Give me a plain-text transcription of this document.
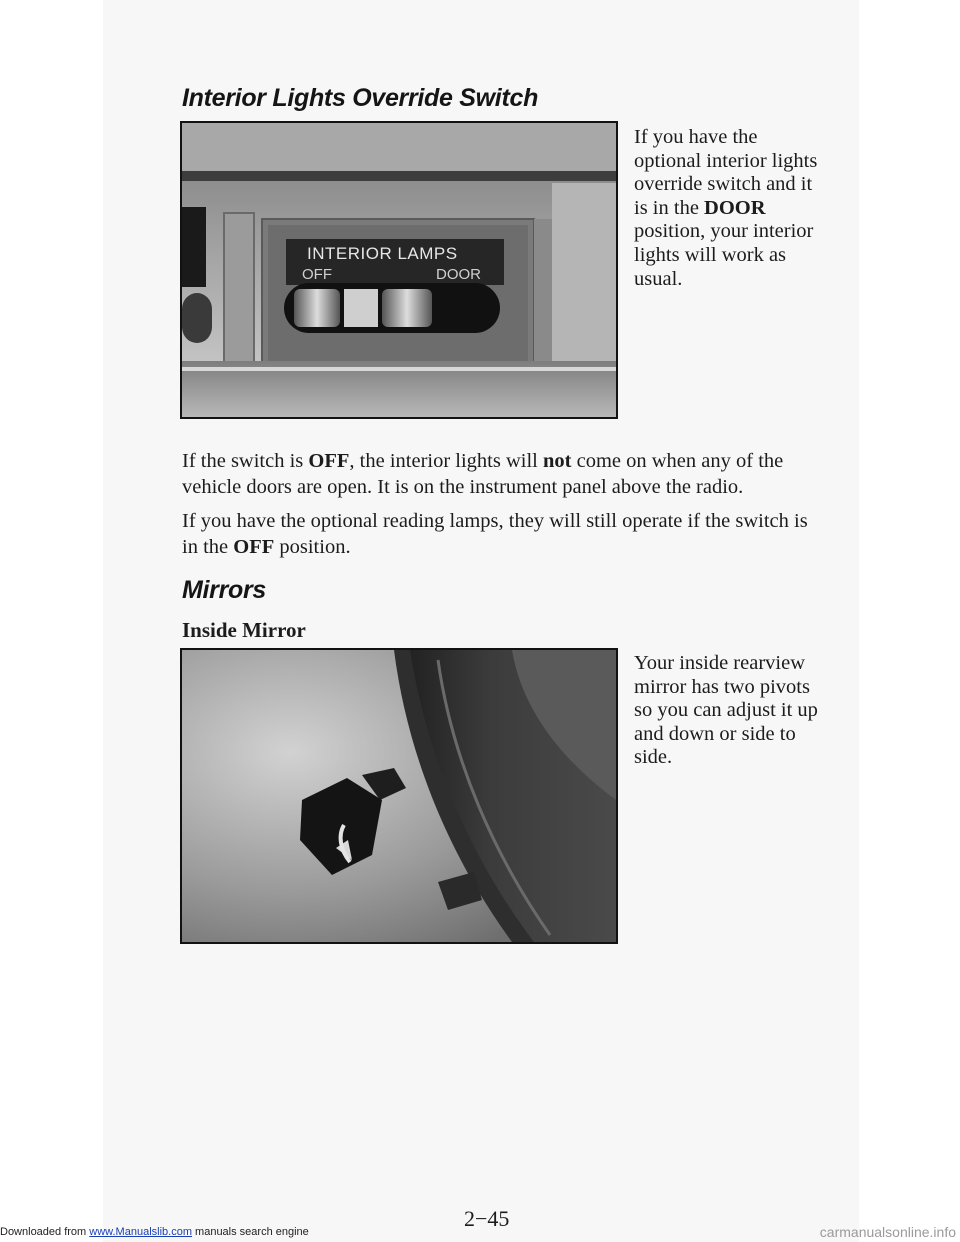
Interior Lights Override Switch
INTERIOR LAMPS
OFF	DOOR
If you have the
optional interior lights
override switch and it
is in the DOOR
position, your interior
lights will work as
usual.
If the switch is OFF, the interior lights will not come on when any of the
vehicle doors are open. It is on the instrument panel above the radio.
If you have the optional reading lamps, they will still operate if the switch is
in the OFF position.
Mirrors
Inside Mirror
Your inside rearview
mirror has two pivots
so you can adjust it up
and down or side to
side.
2−45
Downloaded from www.Manualslib.com manuals search engine	carmanualsonline.info
